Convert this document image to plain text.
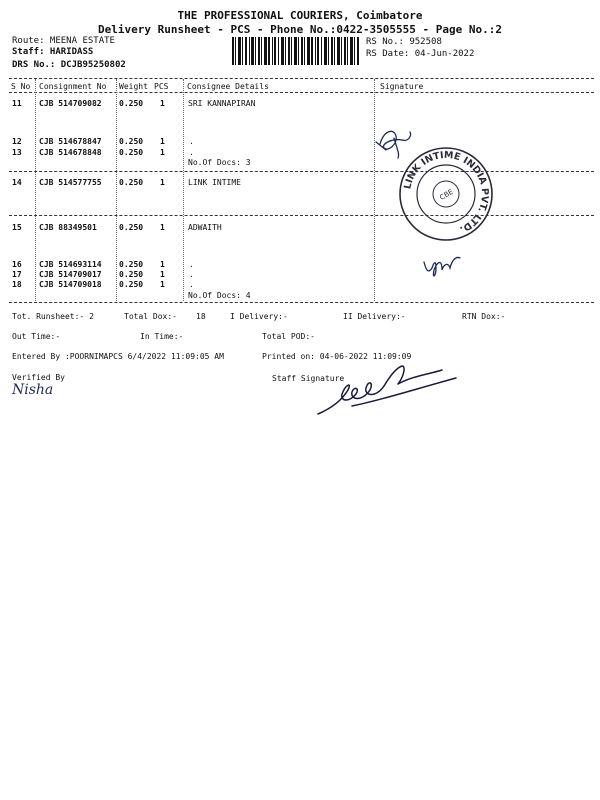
THE PROFESSIONAL COURIERS, Coimbatore
Delivery Runsheet - PCS - Phone No.:0422-3505555 - Page No.:2
Route: MEENA ESTATE
Staff: HARIDASS
DRS No.: DCJB95250802
RS No.: 952508
RS Date: 04-Jun-2022
S No Consignment No Weight PCS Consignee Details	Signature
11 CJB 514709082 0.250 1	SRI KANNAPIRAN
12 CJB 514678847 0.250 1	.
13 CJB 514678848 0.250 1	.
No.Of Docs: 3
14 CJB 514577755 0.250 1	LINK INTIME
15 CJB 88349501	0.250 1	ADWAITH
16 CJB 514693114 0.250 1	.
17 CJB 514709017 0.250 1	.
18 CJB 514709018 0.250 1	.
No.Of Docs: 4
LINK INTIME INDIA PVT. LTD.
CBE
Tot. Runsheet:- 2	Total Dox:- 18	I Delivery:-	II Delivery:-	RTN Dox:-
Out Time:-	In Time:-	Total POD:-
Entered By :POORNIMAPCS 6/4/2022 11:09:05 AM	Printed on: 04-06-2022 11:09:09
Verified By
Nisha
Staff Signature
